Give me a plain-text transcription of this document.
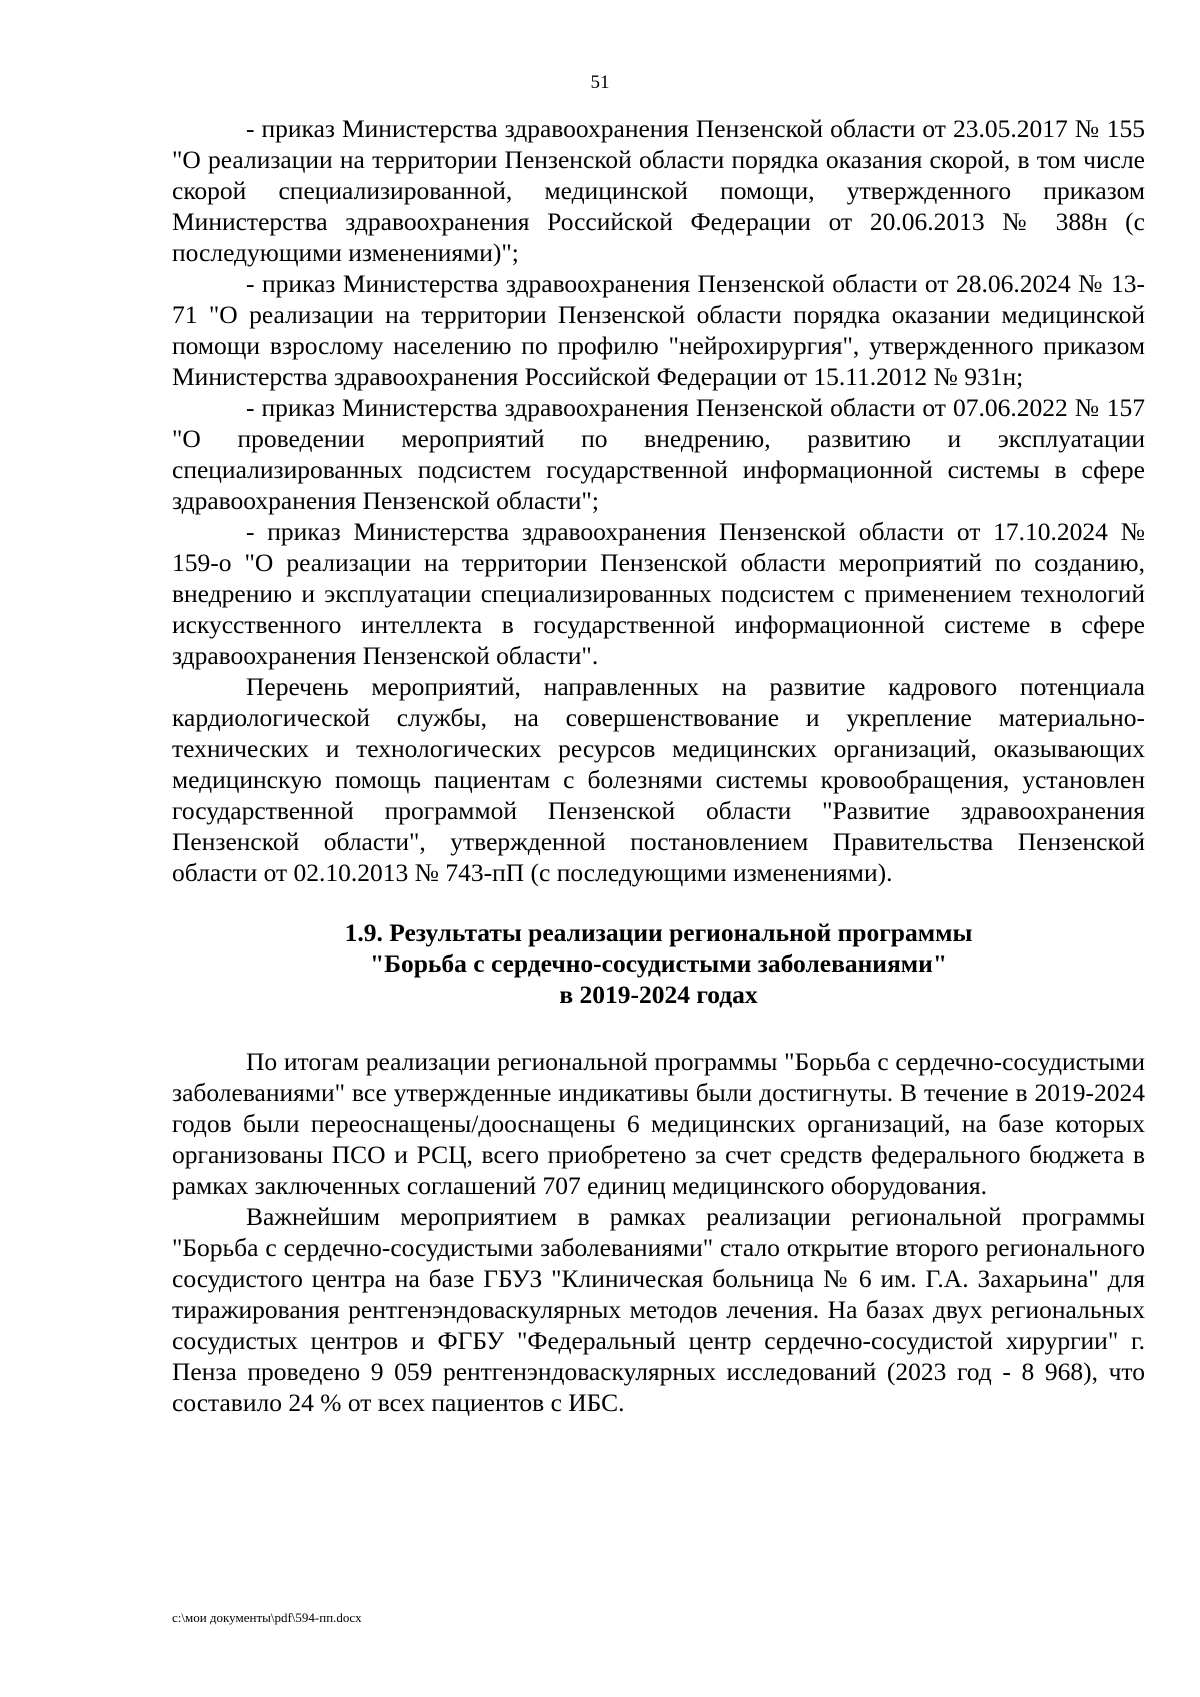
51

- приказ Министерства здравоохранения Пензенской области от 23.05.2017 № 155 "О реализации на территории Пензенской области порядка оказания скорой, в том числе скорой специализированной, медицинской помощи, утвержденного приказом Министерства здравоохранения Российской Федерации от 20.06.2013 № 388н (с последующими изменениями)";

- приказ Министерства здравоохранения Пензенской области от 28.06.2024 № 13-71 "О реализации на территории Пензенской области порядка оказании медицинской помощи взрослому населению по профилю "нейрохирургия", утвержденного приказом Министерства здравоохранения Российской Федерации от 15.11.2012 № 931н;

- приказ Министерства здравоохранения Пензенской области от 07.06.2022 № 157 "О проведении мероприятий по внедрению, развитию и эксплуатации специализированных подсистем государственной информационной системы в сфере здравоохранения Пензенской области";

- приказ Министерства здравоохранения Пензенской области от 17.10.2024 № 159-о "О реализации на территории Пензенской области мероприятий по созданию, внедрению и эксплуатации специализированных подсистем с применением технологий искусственного интеллекта в государственной информационной системе в сфере здравоохранения Пензенской области".

Перечень мероприятий, направленных на развитие кадрового потенциала кардиологической службы, на совершенствование и укрепление материально-технических и технологических ресурсов медицинских организаций, оказывающих медицинскую помощь пациентам с болезнями системы кровообращения, установлен государственной программой Пензенской области "Развитие здравоохранения Пензенской области", утвержденной постановлением Правительства Пензенской области от 02.10.2013 № 743-пП (с последующими изменениями).

1.9. Результаты реализации региональной программы
"Борьба с сердечно-сосудистыми заболеваниями"
в 2019-2024 годах

По итогам реализации региональной программы "Борьба с сердечно-сосудистыми заболеваниями" все утвержденные индикативы были достигнуты. В течение в 2019-2024 годов были переоснащены/дооснащены 6 медицинских организаций, на базе которых организованы ПСО и РСЦ, всего приобретено за счет средств федерального бюджета в рамках заключенных соглашений 707 единиц медицинского оборудования.

Важнейшим мероприятием в рамках реализации региональной программы "Борьба с сердечно-сосудистыми заболеваниями" стало открытие второго регионального сосудистого центра на базе ГБУЗ "Клиническая больница № 6 им. Г.А. Захарьина" для тиражирования рентгенэндоваскулярных методов лечения. На базах двух региональных сосудистых центров и ФГБУ "Федеральный центр сердечно-сосудистой хирургии" г. Пенза проведено 9 059 рентгенэндоваскулярных исследований (2023 год - 8 968), что составило 24 % от всех пациентов с ИБС.

c:\мои документы\pdf\594-пп.docx
